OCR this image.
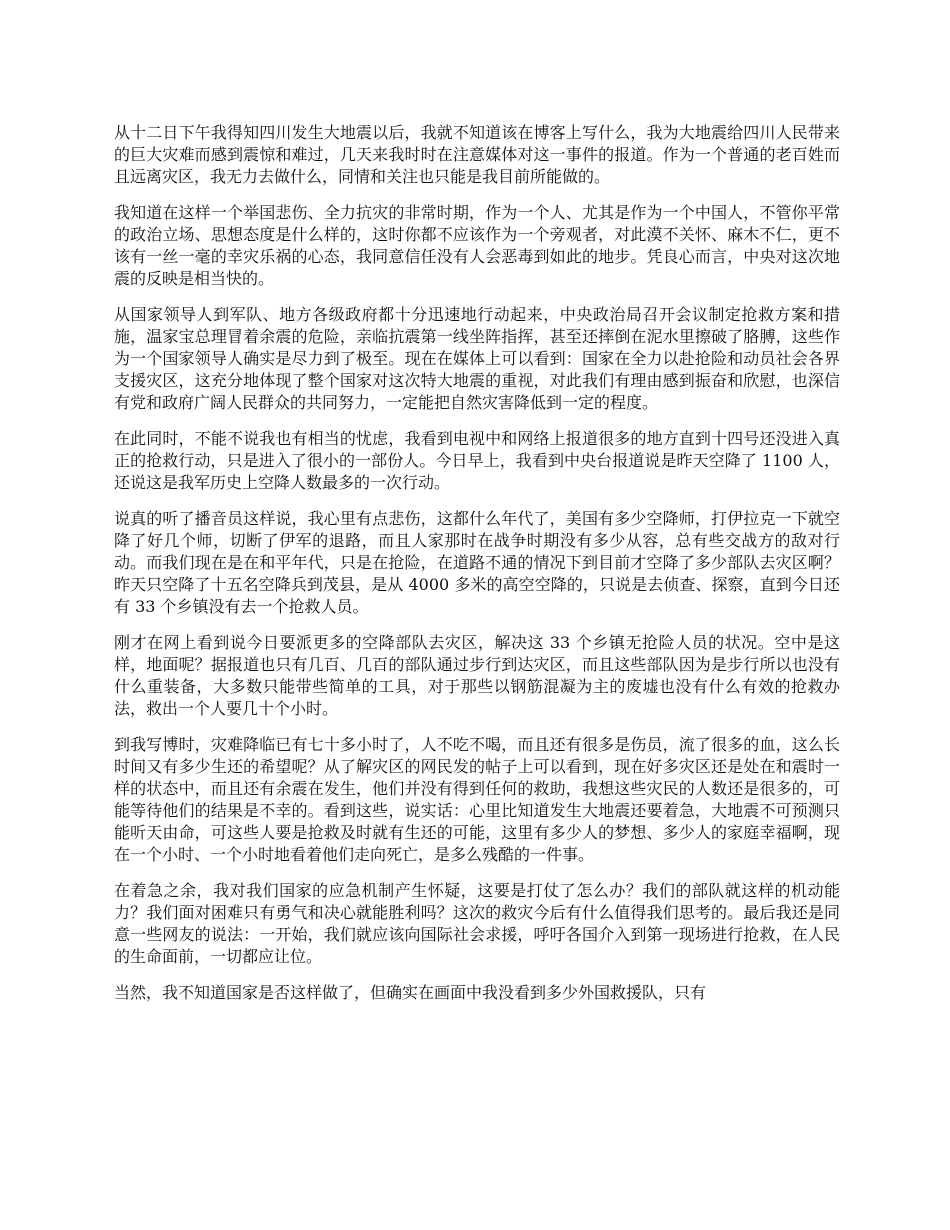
从十二日下午我得知四川发生大地震以后，我就不知道该在博客上写什么，我为大地震给四川人民带来的巨大灾难而感到震惊和难过，几天来我时时在注意媒体对这一事件的报道。作为一个普通的老百姓而且远离灾区，我无力去做什么，同情和关注也只能是我目前所能做的。

我知道在这样一个举国悲伤、全力抗灾的非常时期，作为一个人、尤其是作为一个中国人，不管你平常的政治立场、思想态度是什么样的，这时你都不应该作为一个旁观者，对此漠不关怀、麻木不仁，更不该有一丝一毫的幸灾乐祸的心态，我同意信任没有人会恶毒到如此的地步。凭良心而言，中央对这次地震的反映是相当快的。

从国家领导人到军队、地方各级政府都十分迅速地行动起来，中央政治局召开会议制定抢救方案和措施，温家宝总理冒着余震的危险，亲临抗震第一线坐阵指挥，甚至还摔倒在泥水里擦破了胳膊，这些作为一个国家领导人确实是尽力到了极至。现在在媒体上可以看到：国家在全力以赴抢险和动员社会各界支援灾区，这充分地体现了整个国家对这次特大地震的重视，对此我们有理由感到振奋和欣慰，也深信有党和政府广阔人民群众的共同努力，一定能把自然灾害降低到一定的程度。

在此同时，不能不说我也有相当的忧虑，我看到电视中和网络上报道很多的地方直到十四号还没进入真正的抢救行动，只是进入了很小的一部份人。今日早上，我看到中央台报道说是昨天空降了 1100 人，还说这是我军历史上空降人数最多的一次行动。

说真的听了播音员这样说，我心里有点悲伤，这都什么年代了，美国有多少空降师，打伊拉克一下就空降了好几个师，切断了伊军的退路，而且人家那时在战争时期没有多少从容，总有些交战方的敌对行动。而我们现在是在和平年代，只是在抢险，在道路不通的情况下到目前才空降了多少部队去灾区啊？昨天只空降了十五名空降兵到茂县，是从 4000 多米的高空空降的，只说是去侦查、探察，直到今日还有 33 个乡镇没有去一个抢救人员。

刚才在网上看到说今日要派更多的空降部队去灾区，解决这 33 个乡镇无抢险人员的状况。空中是这样，地面呢？据报道也只有几百、几百的部队通过步行到达灾区，而且这些部队因为是步行所以也没有什么重装备，大多数只能带些简单的工具，对于那些以钢筋混凝为主的废墟也没有什么有效的抢救办法，救出一个人要几十个小时。

到我写博时，灾难降临已有七十多小时了，人不吃不喝，而且还有很多是伤员，流了很多的血，这么长时间又有多少生还的希望呢？从了解灾区的网民发的帖子上可以看到，现在好多灾区还是处在和震时一样的状态中，而且还有余震在发生，他们并没有得到任何的救助，我想这些灾民的人数还是很多的，可能等待他们的结果是不幸的。看到这些，说实话：心里比知道发生大地震还要着急，大地震不可预测只能听天由命，可这些人要是抢救及时就有生还的可能，这里有多少人的梦想、多少人的家庭幸福啊，现在一个小时、一个小时地看着他们走向死亡，是多么残酷的一件事。

在着急之余，我对我们国家的应急机制产生怀疑，这要是打仗了怎么办？我们的部队就这样的机动能力？我们面对困难只有勇气和决心就能胜利吗？这次的救灾今后有什么值得我们思考的。最后我还是同意一些网友的说法：一开始，我们就应该向国际社会求援，呼吁各国介入到第一现场进行抢救，在人民的生命面前，一切都应让位。

当然，我不知道国家是否这样做了，但确实在画面中我没看到多少外国救援队，只有
